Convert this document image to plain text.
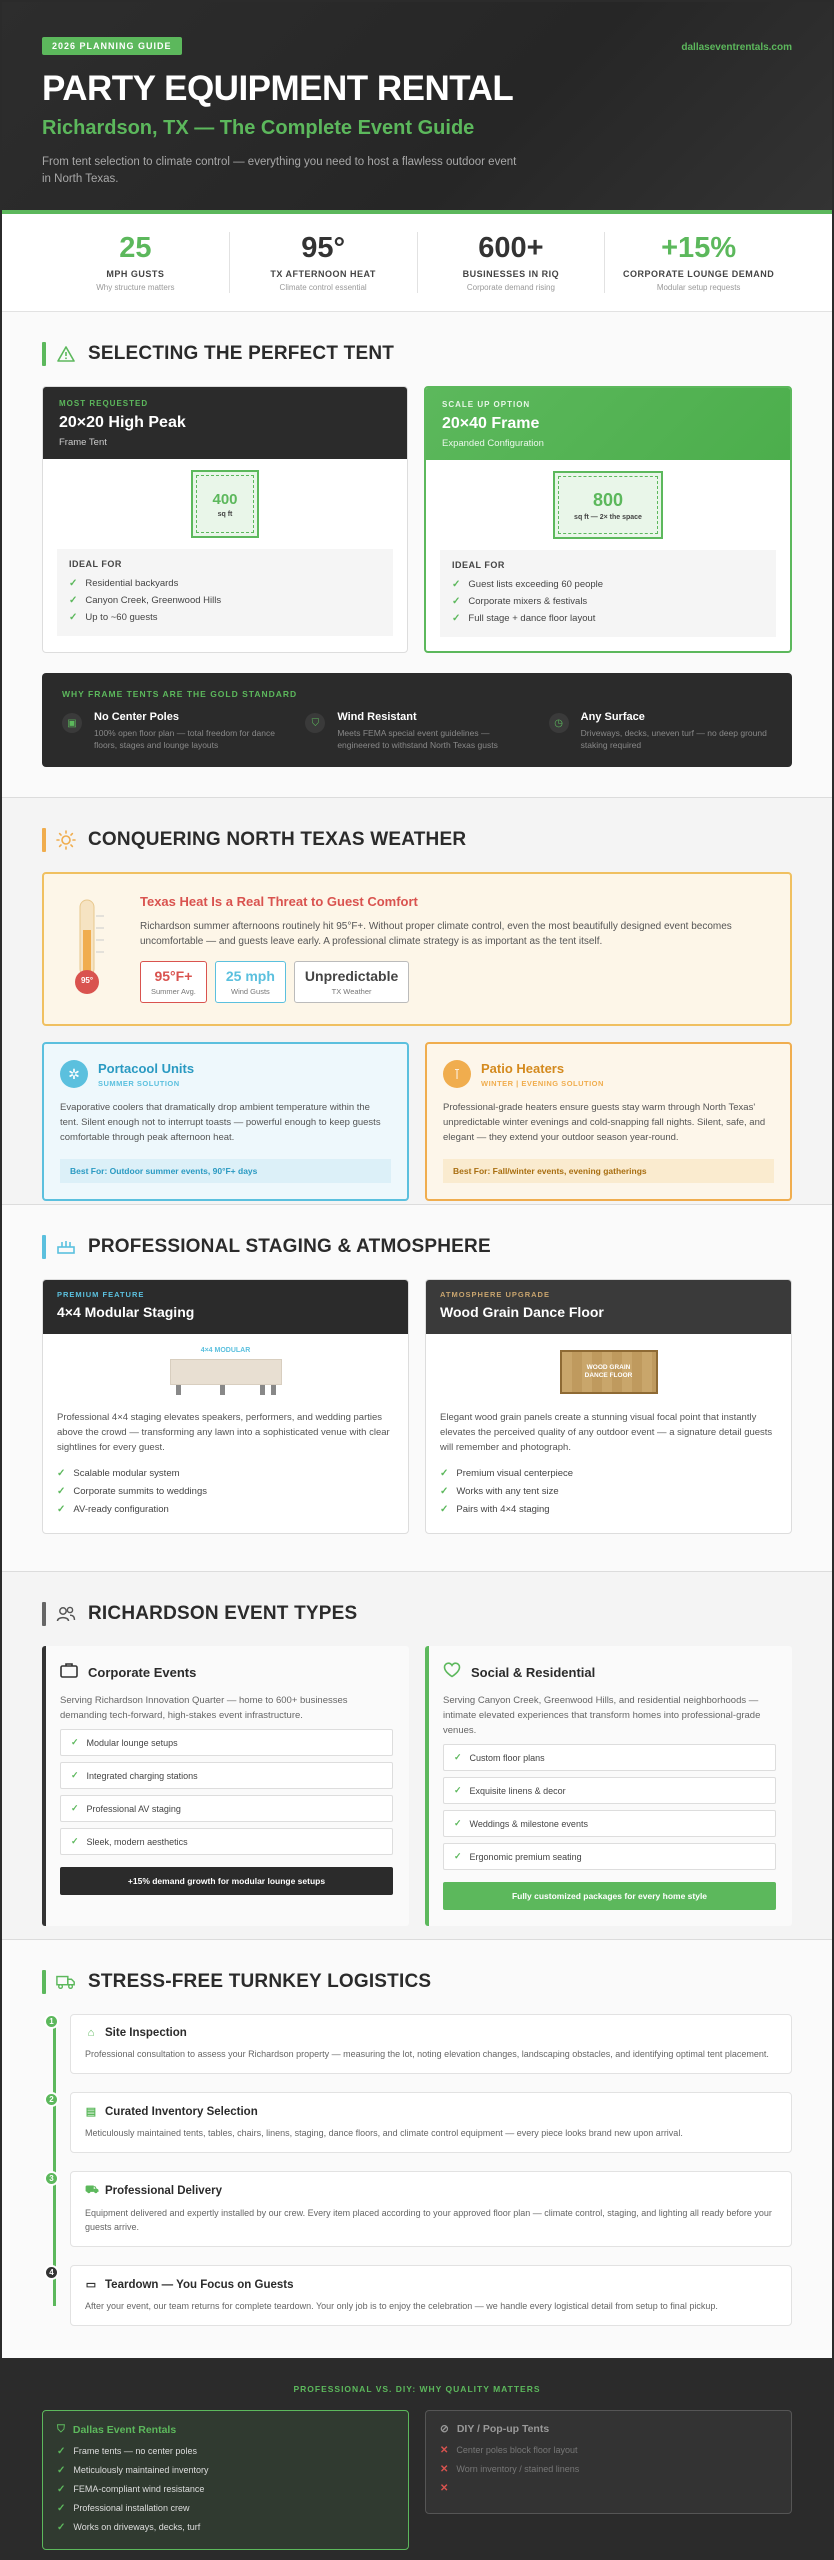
2026 PLANNING GUIDE	dallaseventrentals.com
PARTY EQUIPMENT RENTAL
Richardson, TX — The Complete Event Guide

From tent selection to climate control — everything you need to host a flawless outdoor event in North Texas.

25
MPH GUSTS
Why structure matters
95°
TX AFTERNOON HEAT
Climate control essential
600+
BUSINESSES IN RIQ
Corporate demand rising
+15%
CORPORATE LOUNGE DEMAND
Modular setup requests
SELECTING THE PERFECT TENT
MOST REQUESTED
20×20 High Peak
Frame Tent
400
sq ft
IDEAL FOR
✓ Residential backyards
✓ Canyon Creek, Greenwood Hills
✓ Up to ~60 guests
SCALE UP OPTION
20×40 Frame
Expanded Configuration
800
sq ft — 2× the space
IDEAL FOR
✓ Guest lists exceeding 60 people
✓ Corporate mixers & festivals
✓ Full stage + dance floor layout
WHY FRAME TENTS ARE THE GOLD STANDARD
▣	No Center Poles
100% open floor plan — total freedom for dance floors, stages and lounge layouts
⛉	Wind Resistant
Meets FEMA special event guidelines — engineered to withstand North Texas gusts
◷	Any Surface
Driveways, decks, uneven turf — no deep ground staking required
CONQUERING NORTH TEXAS WEATHER
95°
Texas Heat Is a Real Threat to Guest Comfort
Richardson summer afternoons routinely hit 95°F+. Without proper climate control, even the most beautifully designed event becomes uncomfortable — and guests leave early. A professional climate strategy is as important as the tent itself.
95°F+
Summer Avg.
25 mph
Wind Gusts
Unpredictable
TX Weather
✲	Portacool Units
SUMMER SOLUTION
Evaporative coolers that dramatically drop ambient temperature within the tent. Silent enough not to interrupt toasts — powerful enough to keep guests comfortable through peak afternoon heat.
Best For: Outdoor summer events, 90°F+ days
⊺	Patio Heaters
WINTER | EVENING SOLUTION
Professional-grade heaters ensure guests stay warm through North Texas' unpredictable winter evenings and cold-snapping fall nights. Silent, safe, and elegant — they extend your outdoor season year-round.
Best For: Fall/winter events, evening gatherings
PROFESSIONAL STAGING & ATMOSPHERE
PREMIUM FEATURE
4×4 Modular Staging
4×4 MODULAR
Professional 4×4 staging elevates speakers, performers, and wedding parties above the crowd — transforming any lawn into a sophisticated venue with clear sightlines for every guest.
✓ Scalable modular system
✓ Corporate summits to weddings
✓ AV-ready configuration
ATMOSPHERE UPGRADE
Wood Grain Dance Floor
WOOD GRAIN DANCE FLOOR
Elegant wood grain panels create a stunning visual focal point that instantly elevates the perceived quality of any outdoor event — a signature detail guests will remember and photograph.
✓ Premium visual centerpiece
✓ Works with any tent size
✓ Pairs with 4×4 staging
RICHARDSON EVENT TYPES
Corporate Events
Serving Richardson Innovation Quarter — home to 600+ businesses demanding tech-forward, high-stakes event infrastructure.
✓ Modular lounge setups
✓ Integrated charging stations
✓ Professional AV staging
✓ Sleek, modern aesthetics
+15% demand growth for modular lounge setups
Social & Residential
Serving Canyon Creek, Greenwood Hills, and residential neighborhoods — intimate elevated experiences that transform homes into professional-grade venues.
✓ Custom floor plans
✓ Exquisite linens & decor
✓ Weddings & milestone events
✓ Ergonomic premium seating
Fully customized packages for every home style
STRESS-FREE TURNKEY LOGISTICS
1
⌂ Site Inspection
Professional consultation to assess your Richardson property — measuring the lot, noting elevation changes, landscaping obstacles, and identifying optimal tent placement.
2
▤ Curated Inventory Selection
Meticulously maintained tents, tables, chairs, linens, staging, dance floors, and climate control equipment — every piece looks brand new upon arrival.
3
⛟ Professional Delivery
Equipment delivered and expertly installed by our crew. Every item placed according to your approved floor plan — climate control, staging, and lighting all ready before your guests arrive.
4
▭ Teardown — You Focus on Guests
After your event, our team returns for complete teardown. Your only job is to enjoy the celebration — we handle every logistical detail from setup to final pickup.
PROFESSIONAL VS. DIY: WHY QUALITY MATTERS
⛉ Dallas Event Rentals
✓ Frame tents — no center poles
✓ Meticulously maintained inventory
✓ FEMA-compliant wind resistance
✓ Professional installation crew
✓ Works on driveways, decks, turf
⊘ DIY / Pop-up Tents
✕ Center poles block floor layout
✕ Worn inventory / stained linens
✕
